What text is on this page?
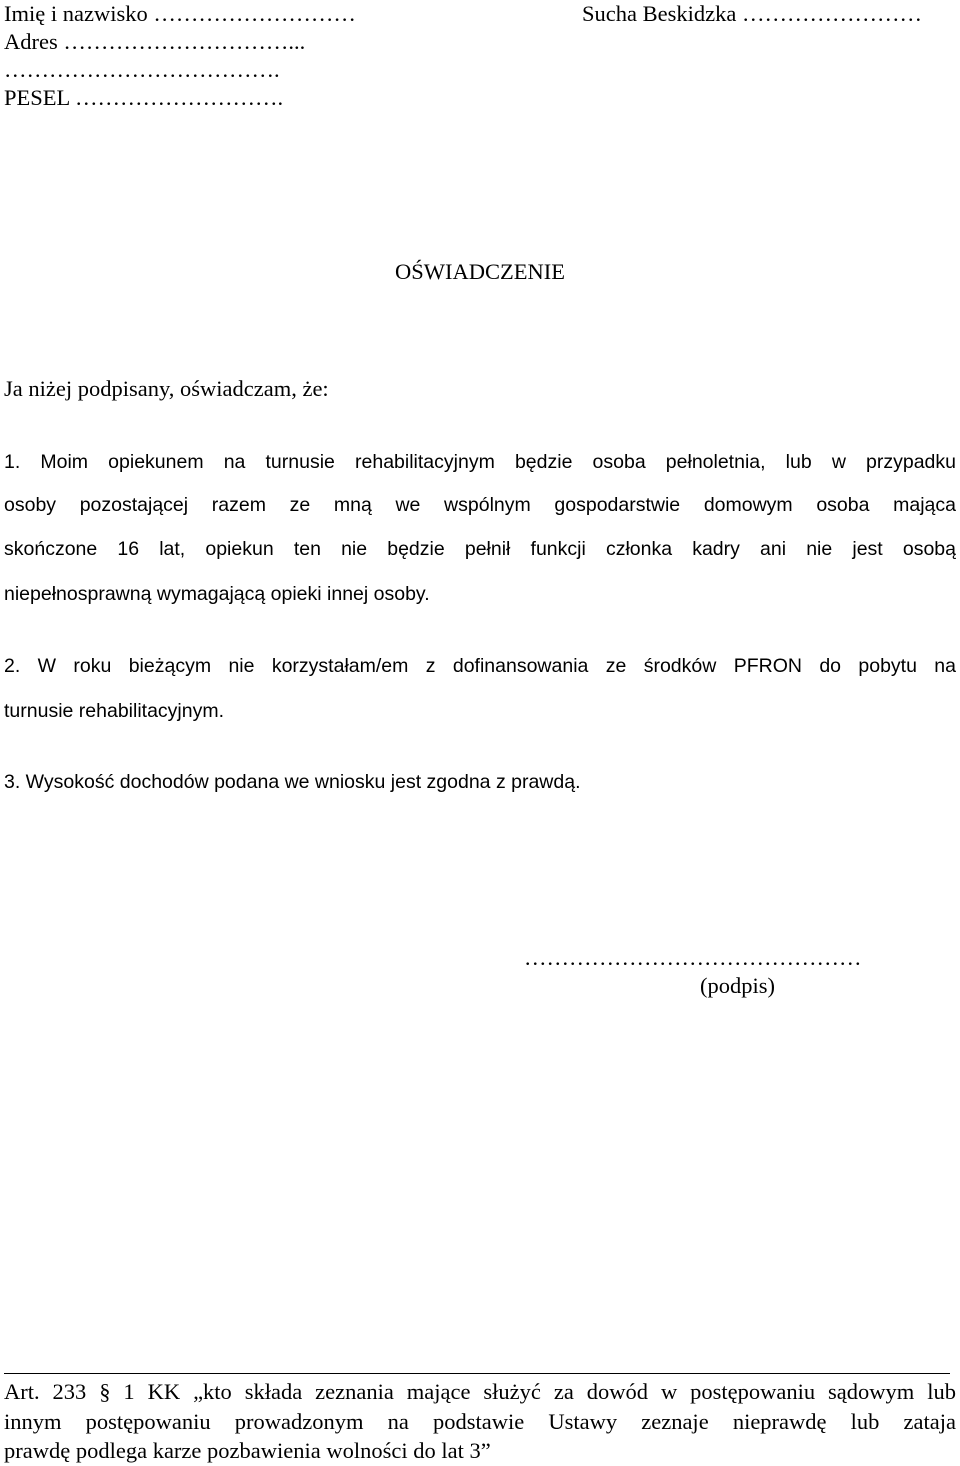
Imię i nazwisko ………………………
Adres …………………………...
……………………………….
PESEL ……………………….
Sucha Beskidzka ……………………
OŚWIADCZENIE
Ja niżej podpisany, oświadczam, że:
1. Moim opiekunem na turnusie rehabilitacyjnym będzie osoba pełnoletnia, lub w przypadku
osoby pozostającej razem ze mną we wspólnym gospodarstwie domowym osoba mająca
skończone 16 lat, opiekun ten nie będzie pełnił funkcji członka kadry ani nie jest osobą
niepełnosprawną wymagającą opieki innej osoby.
2. W roku bieżącym nie korzystałam/em z dofinansowania ze środków PFRON do pobytu na
turnusie rehabilitacyjnym.
3. Wysokość dochodów podana we wniosku jest zgodna z prawdą.
………………………………………
(podpis)
Art. 233 § 1 KK „kto składa zeznania mające służyć za dowód w postępowaniu sądowym lub
innym postępowaniu prowadzonym na podstawie Ustawy zeznaje nieprawdę lub zataja
prawdę podlega karze pozbawienia wolności do lat 3”
